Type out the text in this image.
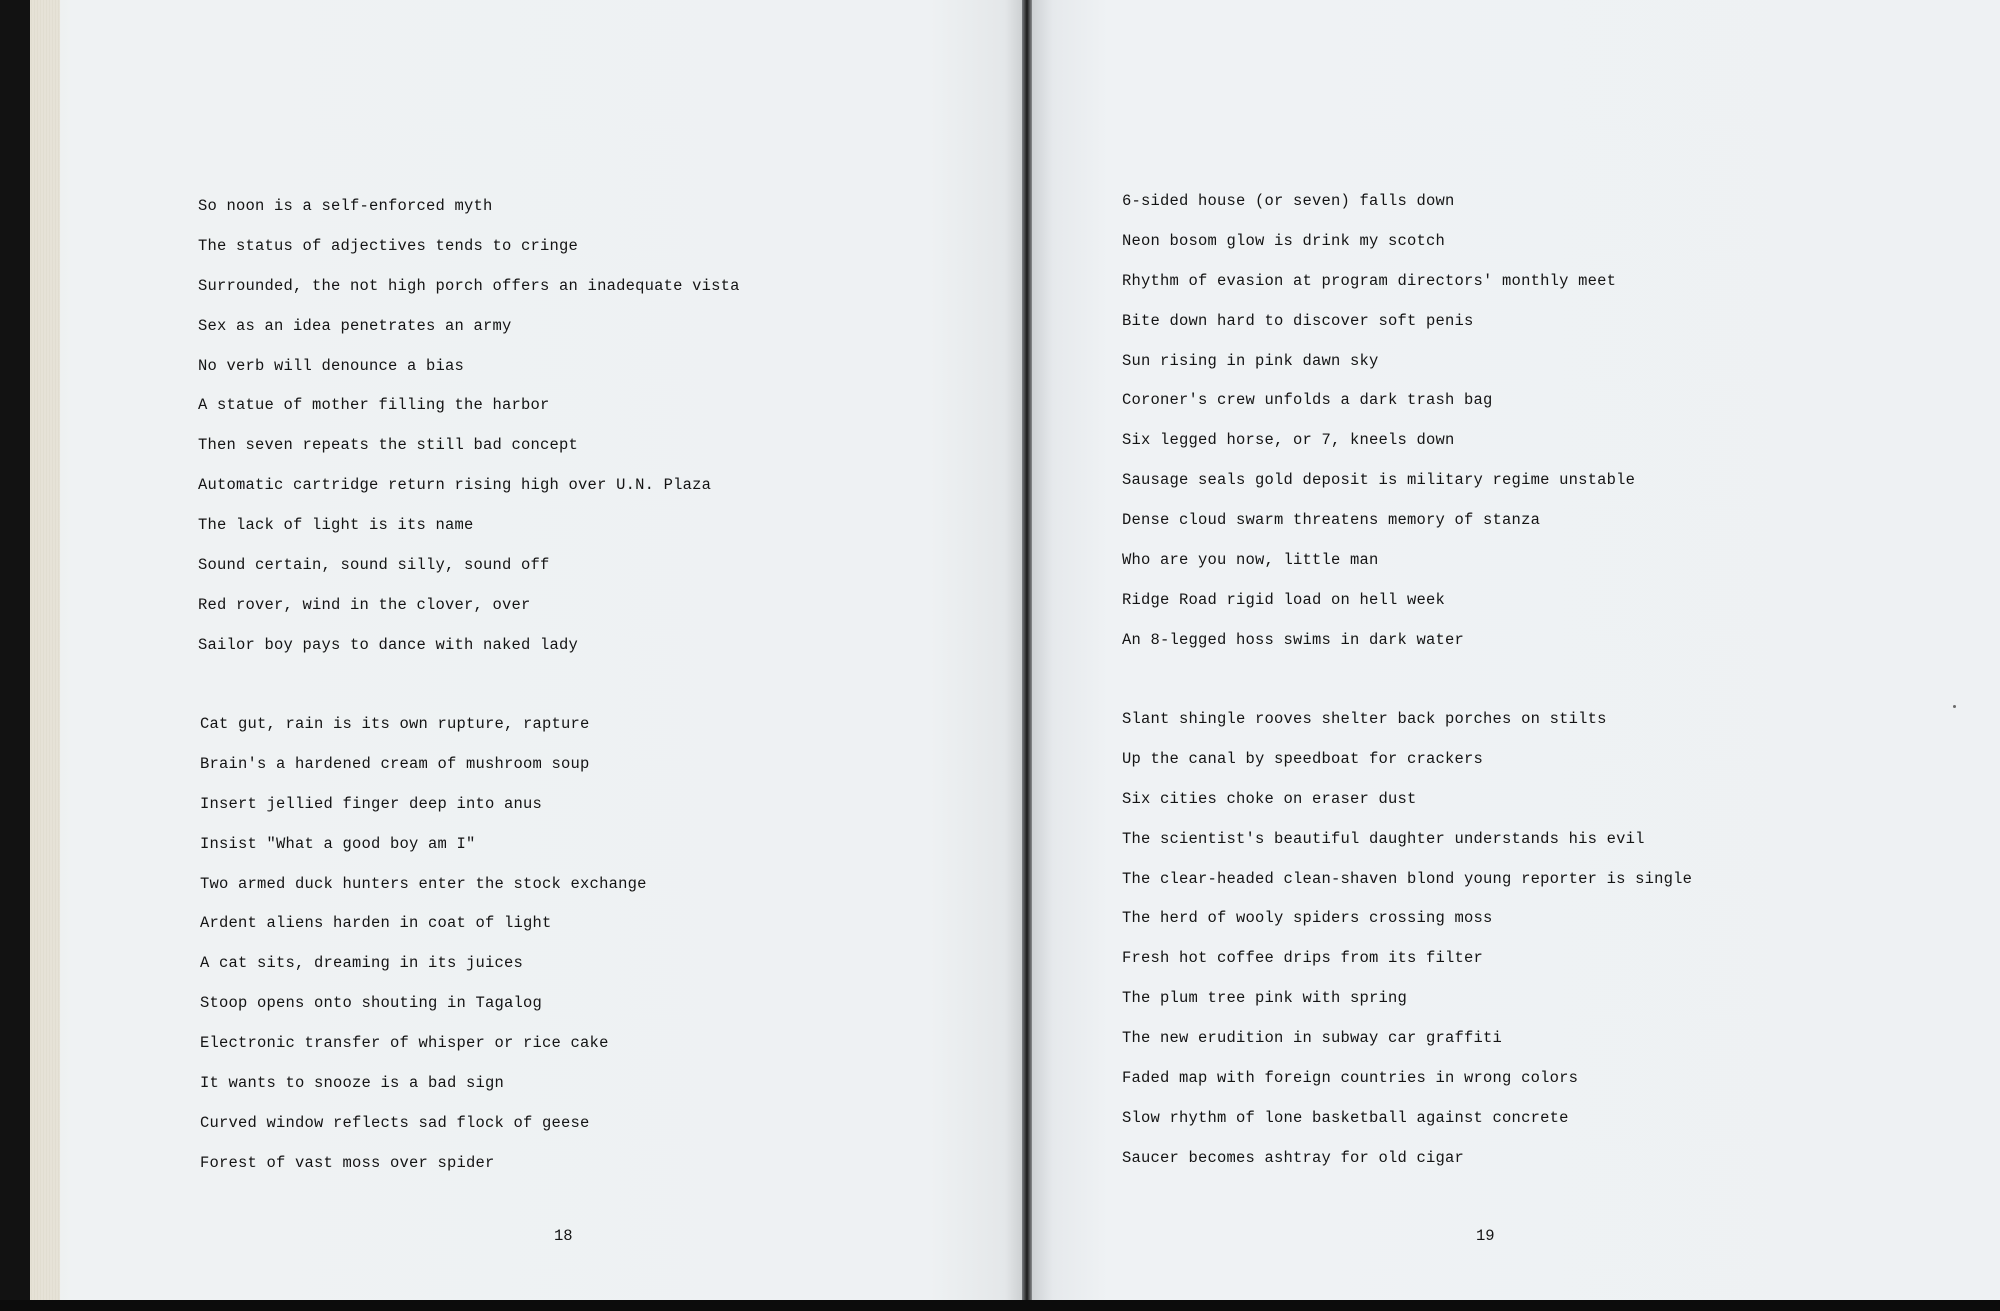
So noon is a self-enforced myth
The status of adjectives tends to cringe
Surrounded, the not high porch offers an inadequate vista
Sex as an idea penetrates an army
No verb will denounce a bias
A statue of mother filling the harbor
Then seven repeats the still bad concept
Automatic cartridge return rising high over U.N. Plaza
The lack of light is its name
Sound certain, sound silly, sound off
Red rover, wind in the clover, over
Sailor boy pays to dance with naked lady
Cat gut, rain is its own rupture, rapture
Brain's a hardened cream of mushroom soup
Insert jellied finger deep into anus
Insist "What a good boy am I"
Two armed duck hunters enter the stock exchange
Ardent aliens harden in coat of light
A cat sits, dreaming in its juices
Stoop opens onto shouting in Tagalog
Electronic transfer of whisper or rice cake
It wants to snooze is a bad sign
Curved window reflects sad flock of geese
Forest of vast moss over spider
18
6-sided house (or seven) falls down
Neon bosom glow is drink my scotch
Rhythm of evasion at program directors' monthly meet
Bite down hard to discover soft penis
Sun rising in pink dawn sky
Coroner's crew unfolds a dark trash bag
Six legged horse, or 7, kneels down
Sausage seals gold deposit is military regime unstable
Dense cloud swarm threatens memory of stanza
Who are you now, little man
Ridge Road rigid load on hell week
An 8-legged hoss swims in dark water
Slant shingle rooves shelter back porches on stilts
Up the canal by speedboat for crackers
Six cities choke on eraser dust
The scientist's beautiful daughter understands his evil
The clear-headed clean-shaven blond young reporter is single
The herd of wooly spiders crossing moss
Fresh hot coffee drips from its filter
The plum tree pink with spring
The new erudition in subway car graffiti
Faded map with foreign countries in wrong colors
Slow rhythm of lone basketball against concrete
Saucer becomes ashtray for old cigar
19
